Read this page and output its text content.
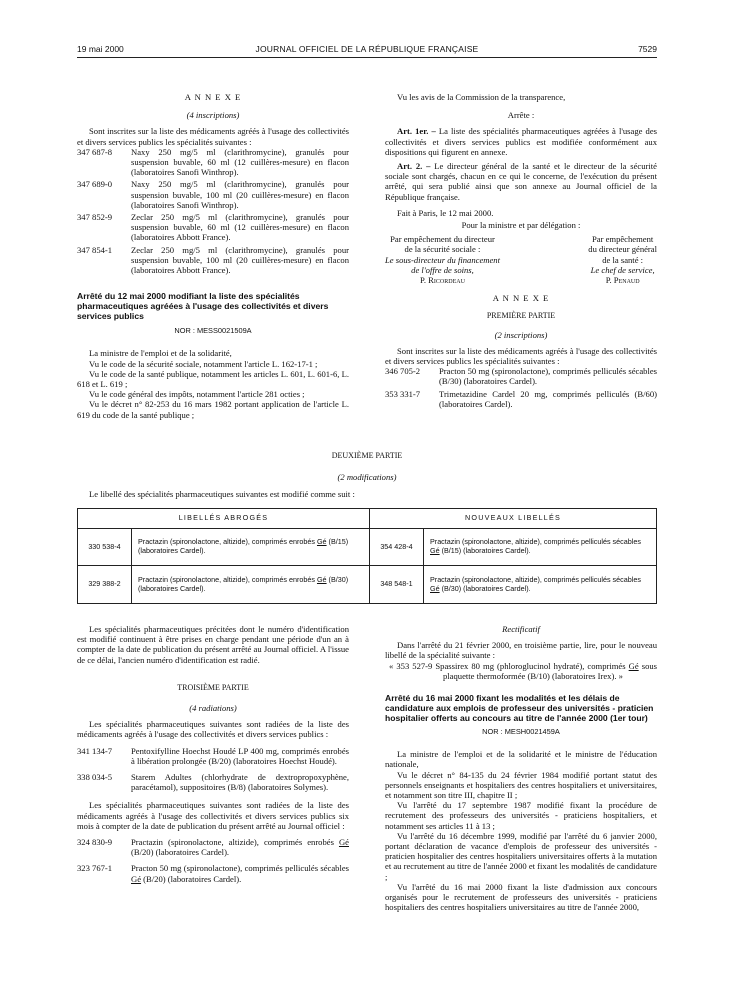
19 mai 2000	JOURNAL OFFICIEL DE LA RÉPUBLIQUE FRANÇAISE	7529
A N N E X E
(4 inscriptions)
Sont inscrites sur la liste des médicaments agréés à l'usage des collectivités et divers services publics les spécialités suivantes :
347 687-8	Naxy 250 mg/5 ml (clarithromycine), granulés pour suspension buvable, 60 ml (12 cuillères-mesure) en flacon (laboratoires Sanofi Winthrop).
347 689-0	Naxy 250 mg/5 ml (clarithromycine), granulés pour suspension buvable, 100 ml (20 cuillères-mesure) en flacon (laboratoires Sanofi Winthrop).
347 852-9	Zeclar 250 mg/5 ml (clarithromycine), granulés pour suspension buvable, 60 ml (12 cuillères-mesure) en flacon (laboratoires Abbott France).
347 854-1	Zeclar 250 mg/5 ml (clarithromycine), granulés pour suspension buvable, 100 ml (20 cuillères-mesure) en flacon (laboratoires Abbott France).
Arrêté du 12 mai 2000 modifiant la liste des spécialités pharmaceutiques agréées à l'usage des collectivités et divers services publics
NOR : MESS0021509A
La ministre de l'emploi et de la solidarité,
Vu le code de la sécurité sociale, notamment l'article L. 162-17-1 ;
Vu le code de la santé publique, notamment les articles L. 601, L. 601-6, L. 618 et L. 619 ;
Vu le code général des impôts, notamment l'article 281 octies ;
Vu le décret n° 82-253 du 16 mars 1982 portant application de l'article L. 619 du code de la santé publique ;
Vu les avis de la Commission de la transparence,
Arrête :
Art. 1er. – La liste des spécialités pharmaceutiques agréées à l'usage des collectivités et divers services publics est modifiée conformément aux dispositions qui figurent en annexe.
Art. 2. – Le directeur général de la santé et le directeur de la sécurité sociale sont chargés, chacun en ce qui le concerne, de l'exécution du présent arrêté, qui sera publié ainsi que son annexe au Journal officiel de la République française.
Fait à Paris, le 12 mai 2000.
Pour la ministre et par délégation :
Par empêchement du directeur
de la sécurité sociale :
Le sous-directeur du financement
de l'offre de soins,
P. Ricordeau
Par empêchement
du directeur général
de la santé :
Le chef de service,
P. Penaud
A N N E X E
PREMIÈRE PARTIE
(2 inscriptions)
Sont inscrites sur la liste des médicaments agréés à l'usage des collectivités et divers services publics les spécialités suivantes :
346 705-2	Practon 50 mg (spironolactone), comprimés pelliculés sécables (B/30) (laboratoires Cardel).
353 331-7	Trimetazidine Cardel 20 mg, comprimés pelliculés (B/60) (laboratoires Cardel).
DEUXIÈME PARTIE
(2 modifications)
Le libellé des spécialités pharmaceutiques suivantes est modifié comme suit :
LIBELLÉS ABROGÉS		NOUVEAUX LIBELLÉS	
330 538-4	Practazin (spironolactone, altizide), comprimés enrobés Gé (B/15) (laboratoires Cardel).	354 428-4	Practazin (spironolactone, altizide), comprimés pelliculés sécables Gé (B/15) (laboratoires Cardel).
329 388-2	Practazin (spironolactone, altizide), comprimés enrobés Gé (B/30) (laboratoires Cardel).	348 548-1	Practazin (spironolactone, altizide), comprimés pelliculés sécables Gé (B/30) (laboratoires Cardel).
Les spécialités pharmaceutiques précitées dont le numéro d'identification est modifié continuent à être prises en charge pendant une période d'un an à compter de la date de publication du présent arrêté au Journal officiel. A l'issue de ce délai, l'ancien numéro d'identification est radié.
TROISIÈME PARTIE
(4 radiations)
Les spécialités pharmaceutiques suivantes sont radiées de la liste des médicaments agréés à l'usage des collectivités et divers services publics :
341 134-7	Pentoxifylline Hoechst Houdé LP 400 mg, comprimés enrobés à libération prolongée (B/20) (laboratoires Hoechst Houdé).
338 034-5	Starem Adultes (chlorhydrate de dextropropoxyphène, paracétamol), suppositoires (B/8) (laboratoires Solymes).
Les spécialités pharmaceutiques suivantes sont radiées de la liste des médicaments agréés à l'usage des collectivités et divers services publics six mois à compter de la date de publication du présent arrêté au Journal officiel :
324 830-9	Practazin (spironolactone, altizide), comprimés enrobés Gé (B/20) (laboratoires Cardel).
323 767-1	Practon 50 mg (spironolactone), comprimés pelliculés sécables Gé (B/20) (laboratoires Cardel).
Rectificatif
Dans l'arrêté du 21 février 2000, en troisième partie, lire, pour le nouveau libellé de la spécialité suivante :
« 353 527-9 Spassirex 80 mg (phloroglucinol hydraté), comprimés Gé sous plaquette thermoformée (B/10) (laboratoires Irex). »
Arrêté du 16 mai 2000 fixant les modalités et les délais de candidature aux emplois de professeur des universités - praticien hospitalier offerts au concours au titre de l'année 2000 (1er tour)
NOR : MESH0021459A
La ministre de l'emploi et de la solidarité et le ministre de l'éducation nationale,
Vu le décret n° 84-135 du 24 février 1984 modifié portant statut des personnels enseignants et hospitaliers des centres hospitaliers et universitaires, et notamment son titre III, chapitre II ;
Vu l'arrêté du 17 septembre 1987 modifié fixant la procédure de recrutement des professeurs des universités - praticiens hospitaliers, et notamment ses articles 11 à 13 ;
Vu l'arrêté du 16 décembre 1999, modifié par l'arrêté du 6 janvier 2000, portant déclaration de vacance d'emplois de professeur des universités - praticien hospitalier des centres hospitaliers universitaires offerts à la mutation et au recrutement au titre de l'année 2000 et fixant les modalités de candidature ;
Vu l'arrêté du 16 mai 2000 fixant la liste d'admission aux concours organisés pour le recrutement de professeurs des universités - praticiens hospitaliers des centres hospitaliers universitaires au titre de l'année 2000,
